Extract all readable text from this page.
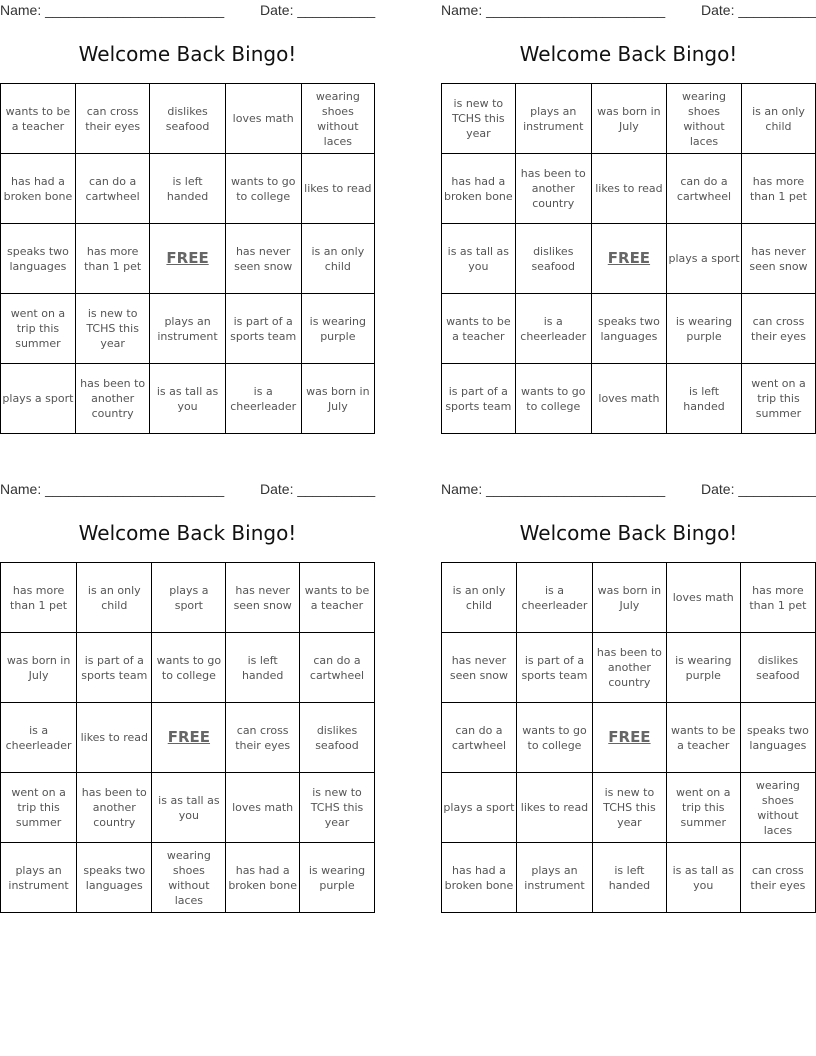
Name: _______________________	Date: __________
Welcome Back Bingo!
wants to be a teacher	can cross their eyes	dislikes seafood	loves math	wearing shoes without laces
has had a broken bone	can do a cartwheel	is left handed	wants to go to college	likes to read
speaks two languages	has more than 1 pet	FREE	has never seen snow	is an only child
went on a trip this summer	is new to TCHS this year	plays an instrument	is part of a sports team	is wearing purple
plays a sport	has been to another country	is as tall as you	is a cheerleader	was born in July
Name: _______________________	Date: __________
Welcome Back Bingo!
is new to TCHS this year	plays an instrument	was born in July	wearing shoes without laces	is an only child
has had a broken bone	has been to another country	likes to read	can do a cartwheel	has more than 1 pet
is as tall as you	dislikes seafood	FREE	plays a sport	has never seen snow
wants to be a teacher	is a cheerleader	speaks two languages	is wearing purple	can cross their eyes
is part of a sports team	wants to go to college	loves math	is left handed	went on a trip this summer
Name: _______________________	Date: __________
Welcome Back Bingo!
has more than 1 pet	is an only child	plays a sport	has never seen snow	wants to be a teacher
was born in July	is part of a sports team	wants to go to college	is left handed	can do a cartwheel
is a cheerleader	likes to read	FREE	can cross their eyes	dislikes seafood
went on a trip this summer	has been to another country	is as tall as you	loves math	is new to TCHS this year
plays an instrument	speaks two languages	wearing shoes without laces	has had a broken bone	is wearing purple
Name: _______________________	Date: __________
Welcome Back Bingo!
is an only child	is a cheerleader	was born in July	loves math	has more than 1 pet
has never seen snow	is part of a sports team	has been to another country	is wearing purple	dislikes seafood
can do a cartwheel	wants to go to college	FREE	wants to be a teacher	speaks two languages
plays a sport	likes to read	is new to TCHS this year	went on a trip this summer	wearing shoes without laces
has had a broken bone	plays an instrument	is left handed	is as tall as you	can cross their eyes
